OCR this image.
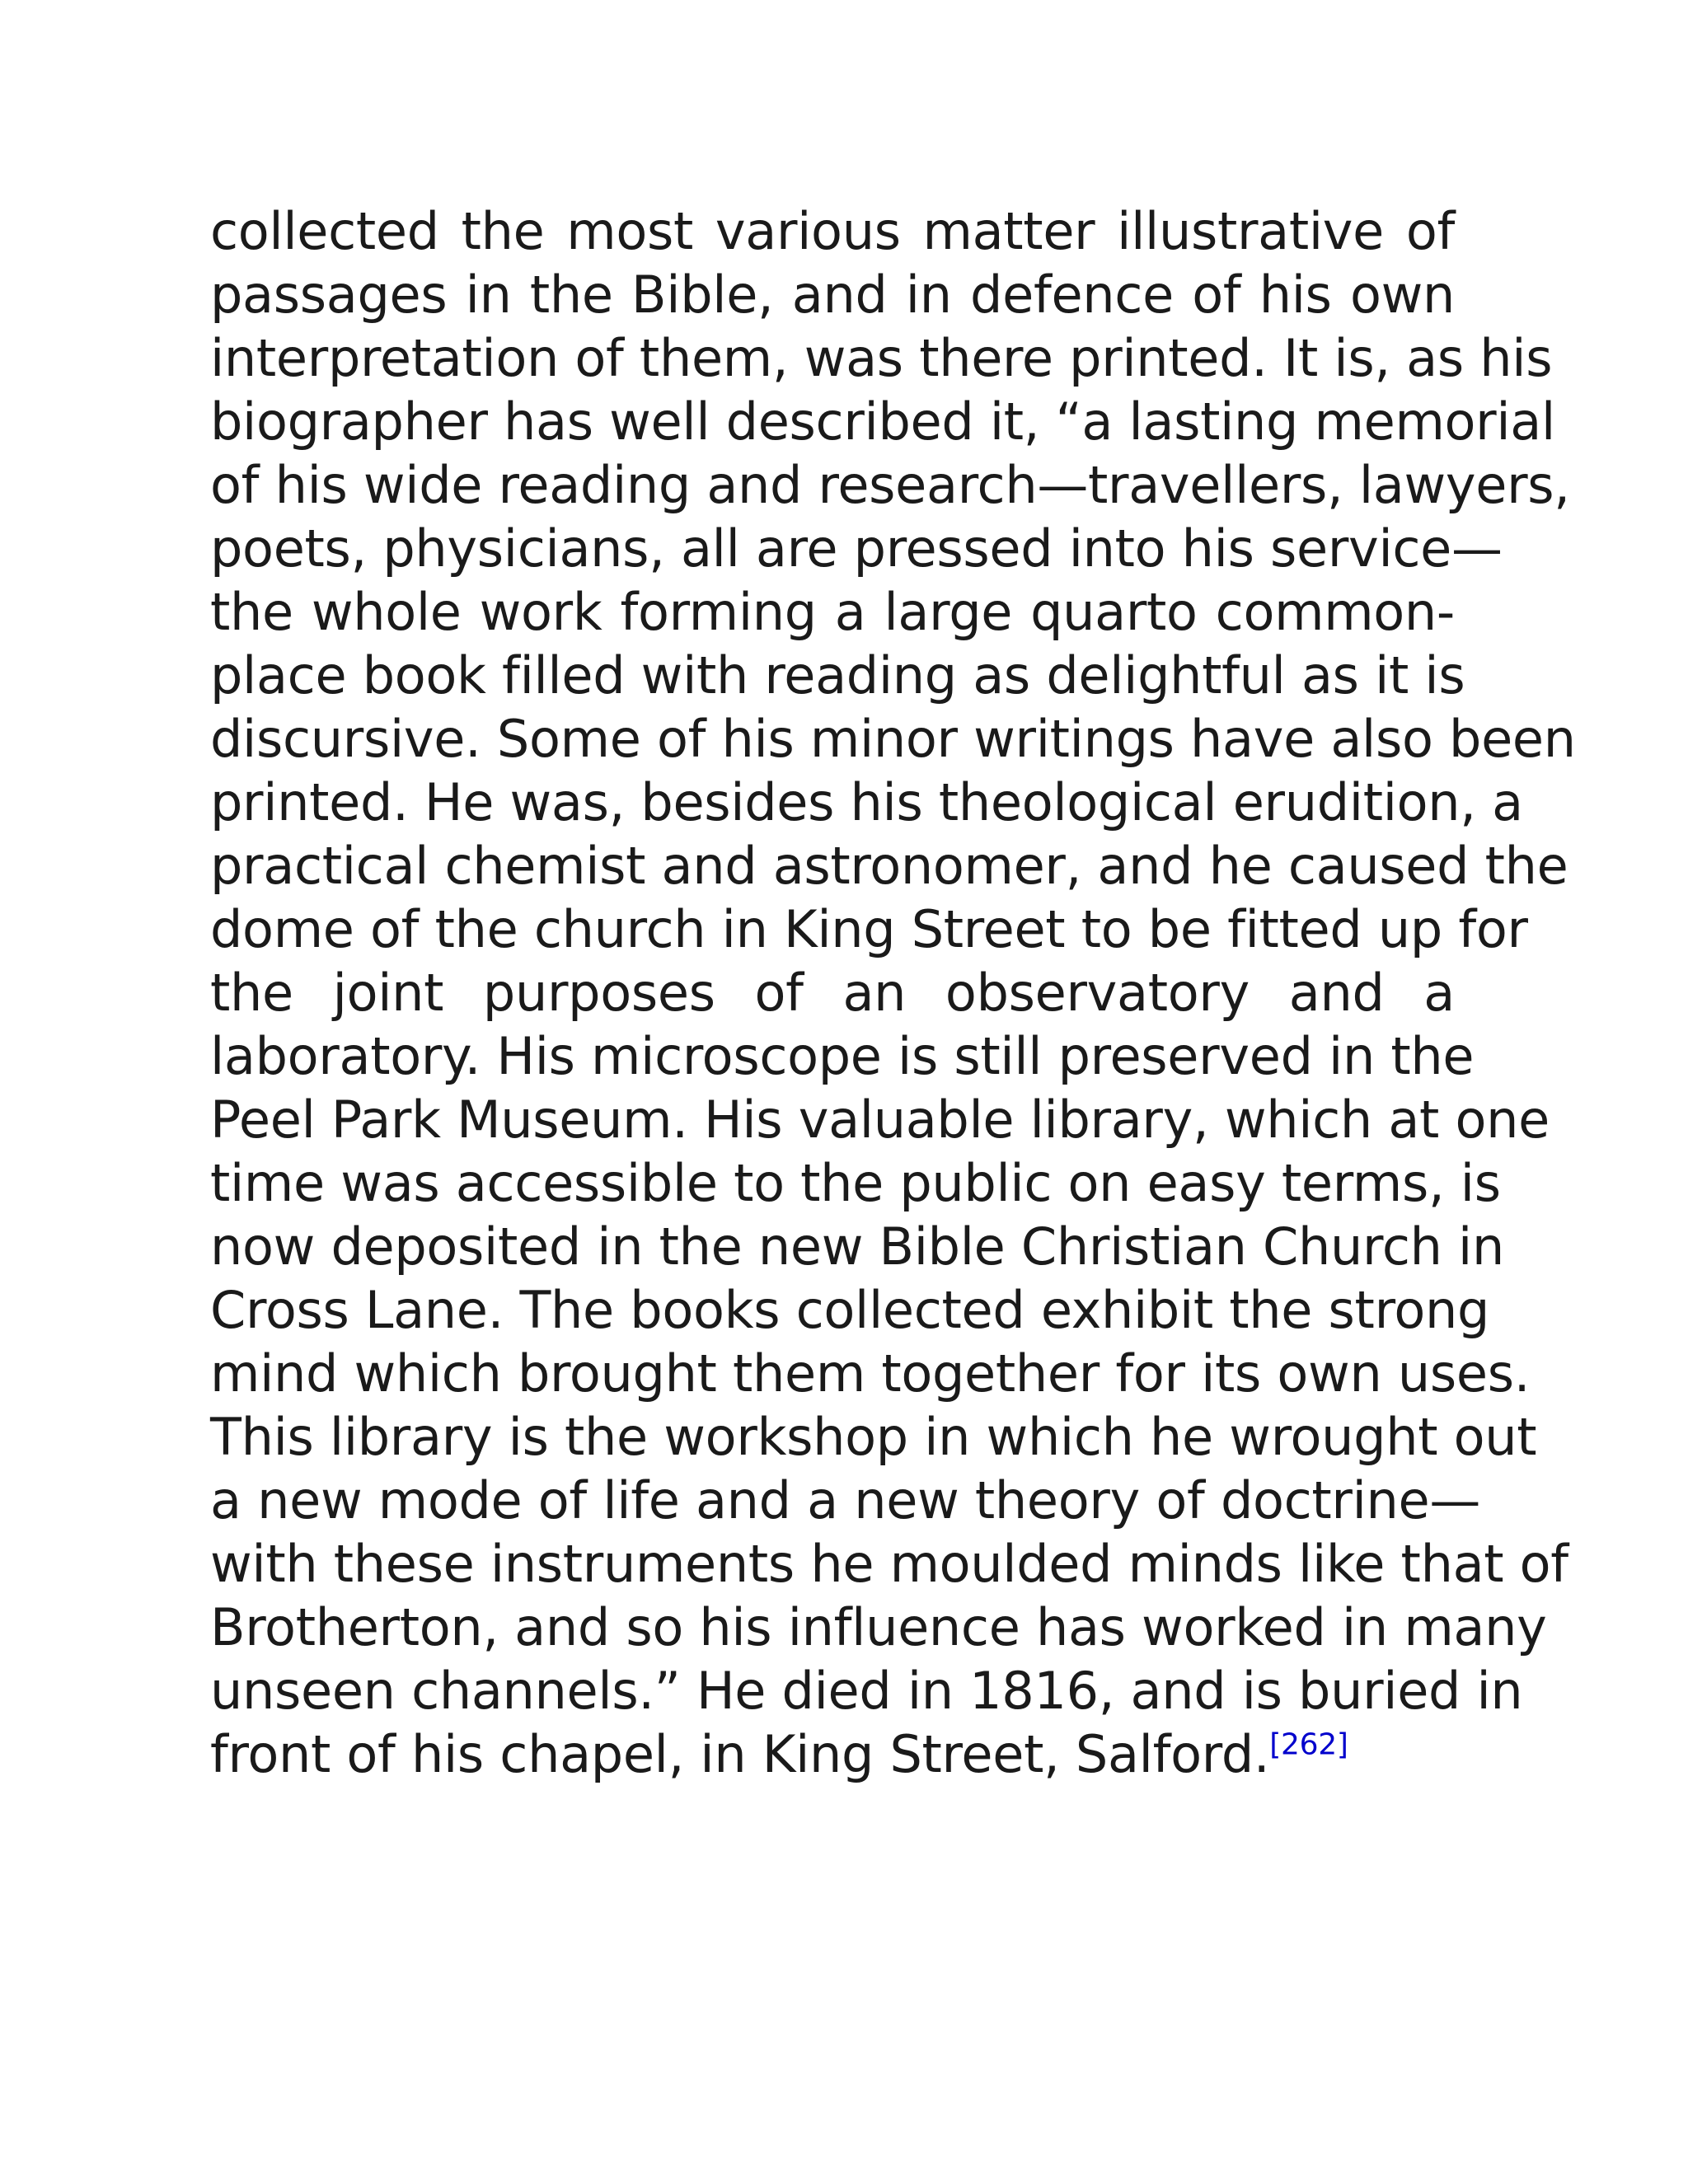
collected the most various matter illustrative of
passages in the Bible, and in defence of his own
interpretation of them, was there printed. It is, as his
biographer has well described it, “a lasting memorial
of his wide reading and research—travellers, lawyers,
poets, physicians, all are pressed into his service—
the whole work forming a large quarto common-
place book filled with reading as delightful as it is
discursive. Some of his minor writings have also been
printed. He was, besides his theological erudition, a
practical chemist and astronomer, and he caused the
dome of the church in King Street to be fitted up for
the joint purposes of an observatory and a
laboratory. His microscope is still preserved in the
Peel Park Museum. His valuable library, which at one
time was accessible to the public on easy terms, is
now deposited in the new Bible Christian Church in
Cross Lane. The books collected exhibit the strong
mind which brought them together for its own uses.
This library is the workshop in which he wrought out
a new mode of life and a new theory of doctrine—
with these instruments he moulded minds like that of
Brotherton, and so his influence has worked in many
unseen channels.” He died in 1816, and is buried in
front of his chapel, in King Street, Salford.[262]
